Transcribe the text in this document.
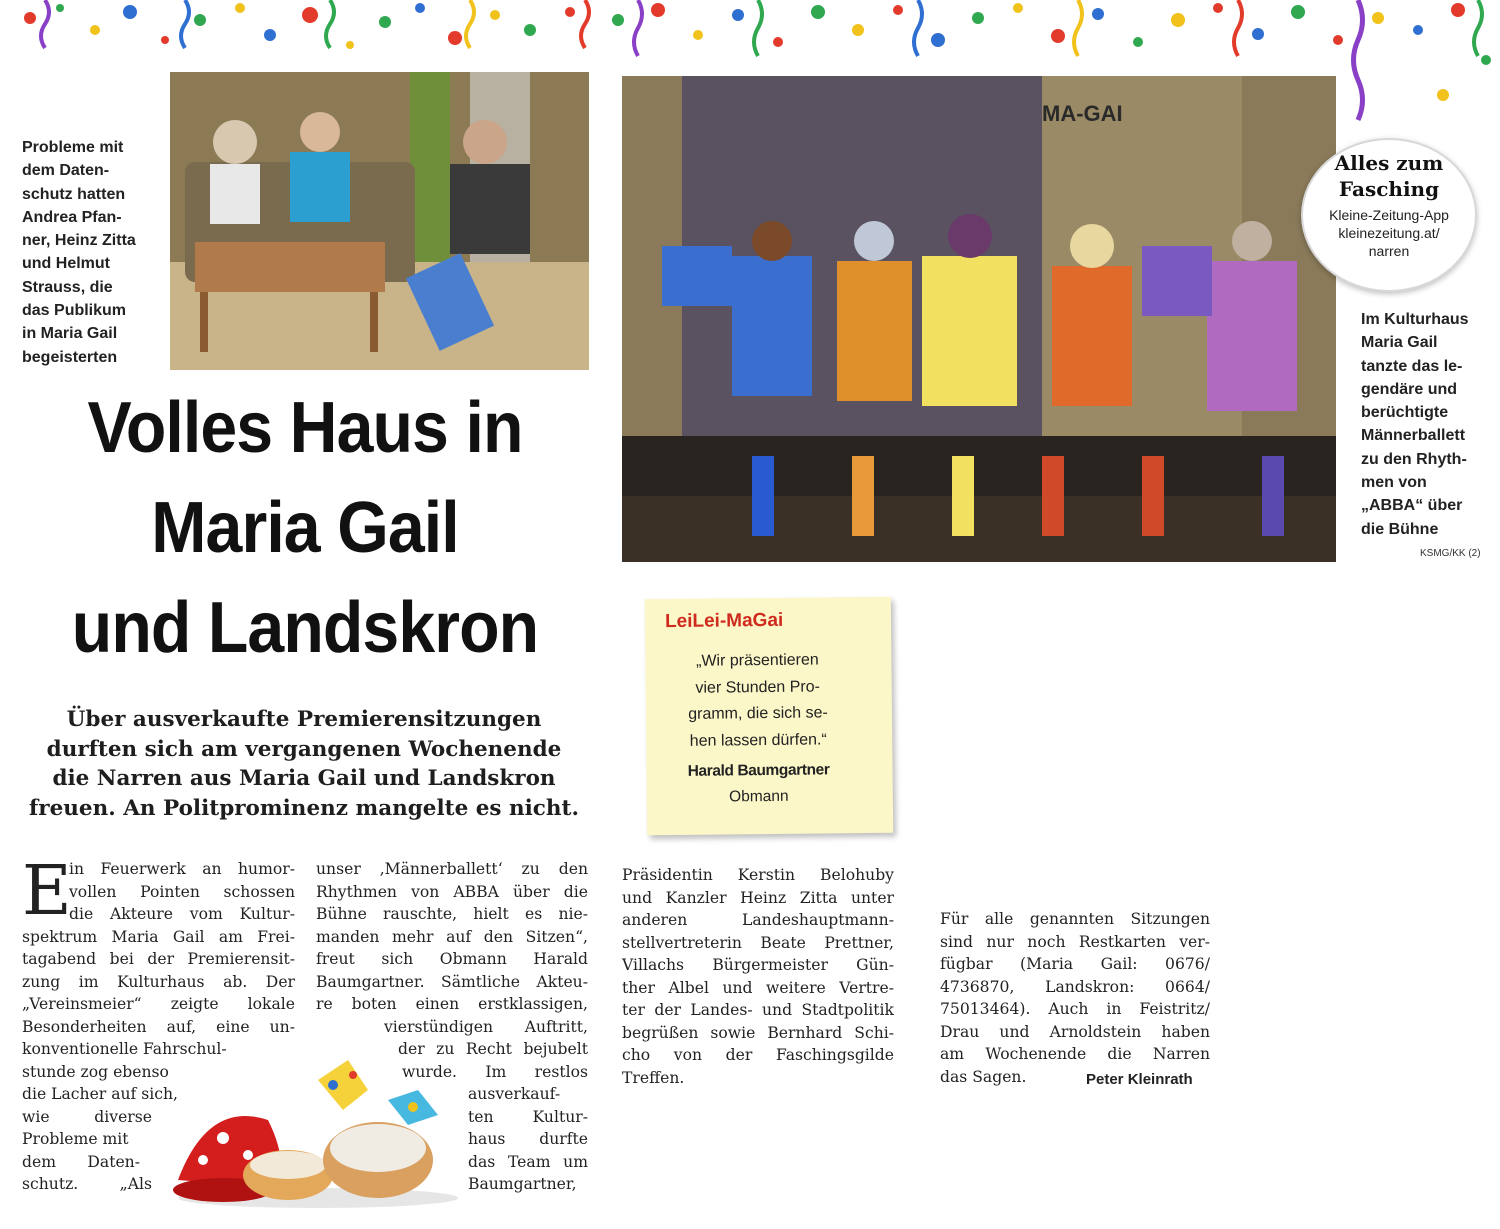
Probleme mit
dem Daten-
schutz hatten
Andrea Pfan-
ner, Heinz Zitta
und Helmut
Strauss, die
das Publikum
in Maria Gail
begeisterten
Volles Haus in
Maria Gail
und Landskron
Über ausverkaufte Premierensitzungen
durften sich am vergangenen Wochenende
die Narren aus Maria Gail und Landskron
freuen. An Politprominenz mangelte es nicht.
MA-GAI
Alles zum
Fasching
Kleine-Zeitung-App
kleinezeitung.at/
narren
Im Kulturhaus
Maria Gail
tanzte das le-
gendäre und
berüchtigte
Männerballett
zu den Rhyth-
men von
„ABBA“ über
die Bühne
KSMG/KK (2)
LeiLei-MaGai
„Wir präsentieren
vier Stunden Pro-
gramm, die sich se-
hen lassen dürfen.“
Harald Baumgartner
Obmann
E
in Feuerwerk an humor-
vollen Pointen schossen
die Akteure vom Kultur-
spektrum Maria Gail am Frei-
tagabend bei der Premierensit-
zung im Kulturhaus ab. Der
„Vereinsmeier“ zeigte lokale
Besonderheiten auf, eine un-
konventionelle Fahrschul-
stunde zog ebenso
die Lacher auf sich,
wie diverse
Probleme mit
dem Daten-
schutz. „Als
unser ‚Männerballett‘ zu den
Rhythmen von ABBA über die
Bühne rauschte, hielt es nie-
manden mehr auf den Sitzen“,
freut sich Obmann Harald
Baumgartner. Sämtliche Akteu-
re boten einen erstklassigen,
vierstündigen Auftritt,
der zu Recht bejubelt
wurde. Im restlos
ausverkauf-
ten Kultur-
haus durfte
das Team um
Baumgartner,
Präsidentin Kerstin Belohuby
und Kanzler Heinz Zitta unter
anderen Landeshauptmann-
stellvertreterin Beate Prettner,
Villachs Bürgermeister Gün-
ther Albel und weitere Vertre-
ter der Landes- und Stadtpolitik
begrüßen sowie Bernhard Schi-
cho von der Faschingsgilde
Treffen.
Für alle genannten Sitzungen
sind nur noch Restkarten ver-
fügbar (Maria Gail: 0676/
4736870, Landskron: 0664/
75013464). Auch in Feistritz/
Drau und Arnoldstein haben
am Wochenende die Narren
das Sagen.	Peter Kleinrath
